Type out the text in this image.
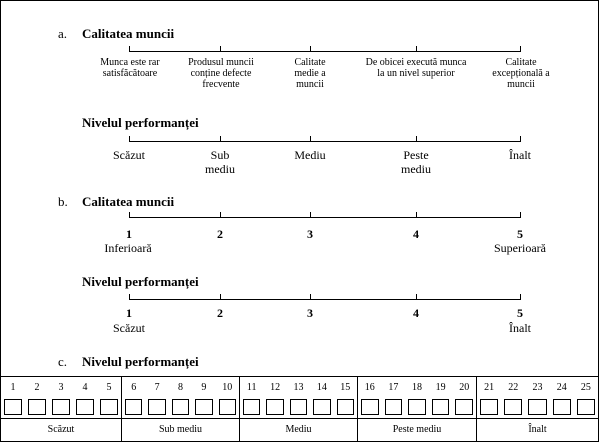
a. Calitatea muncii
Munca este rar satisfăcătoare
Produsul muncii conține defecte frecvente
Calitate medie a muncii
De obicei execută munca la un nivel superior
Calitate excepțională a muncii
Nivelul performanței
Scăzut	Sub mediu
Mediu	Peste mediu
Înalt
b. Calitatea muncii
1	2	3	4	5
Inferioară	Superioară
Nivelul performanței
1	2	3	4	5
Scăzut	Înalt
c. Nivelul performanței
Scăzut	Sub mediu	Mediu	Peste mediu	Înalt
1	2	3	4	5	6	7	8	9	10	11	12	13	14	15	16	17	18	19	20	21	22	23	24	25
